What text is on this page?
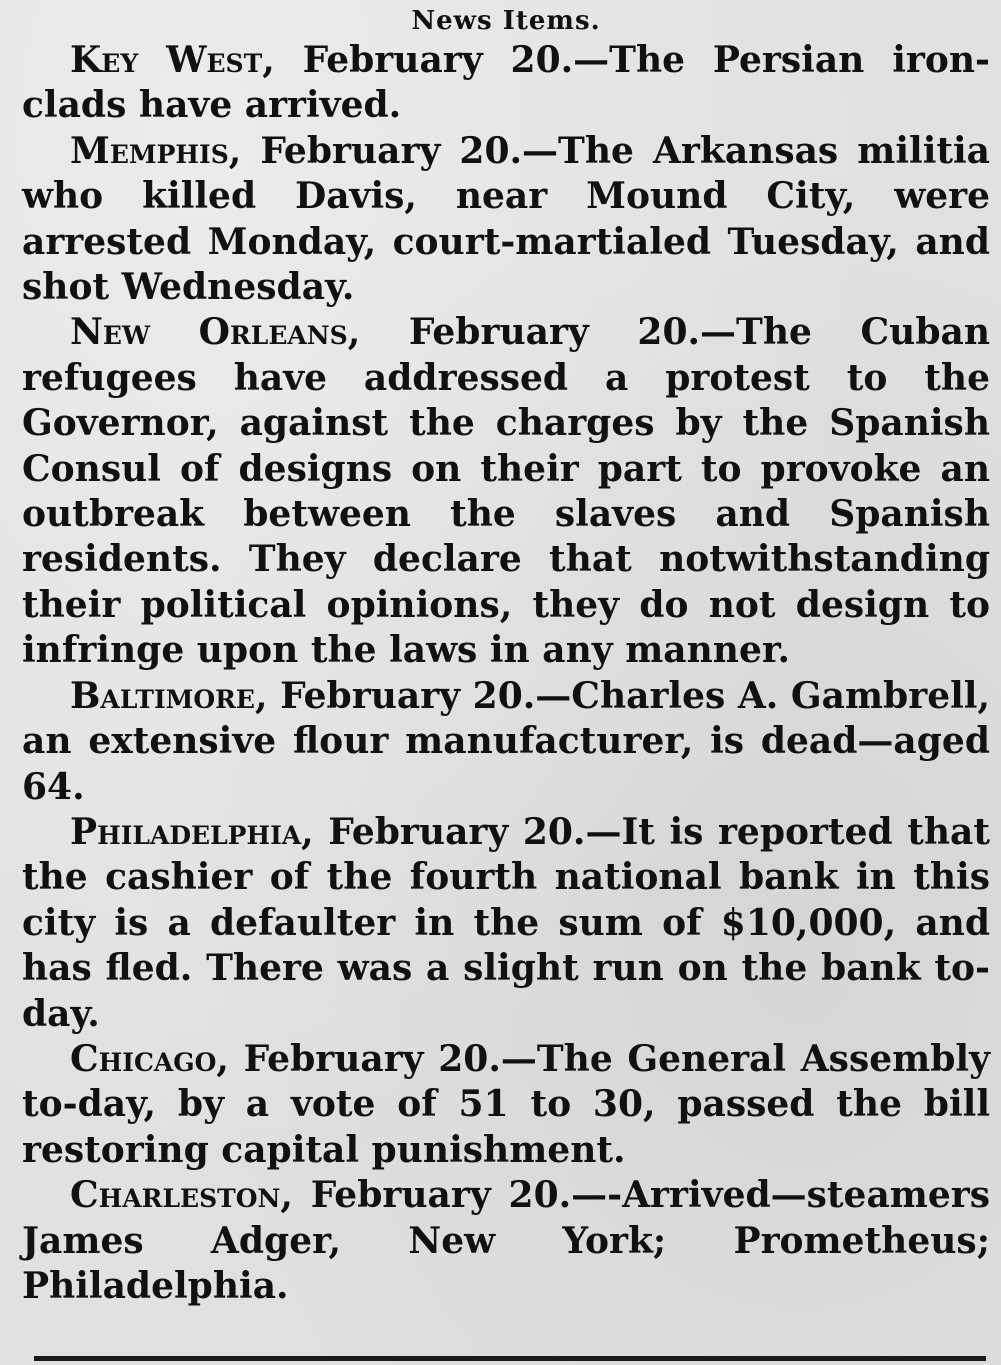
News Items.

Key West, February 20.—The Persian iron-clads have arrived.

Memphis, February 20.—The Arkansas militia who killed Davis, near Mound City, were arrested Monday, court-martialed Tuesday, and shot Wednesday.

New Orleans, February 20.—The Cuban refugees have addressed a protest to the Governor, against the charges by the Spanish Consul of designs on their part to provoke an outbreak between the slaves and Spanish residents. They declare that notwithstanding their political opinions, they do not design to infringe upon the laws in any manner.

Baltimore, February 20.—Charles A. Gambrell, an extensive flour manufacturer, is dead—aged 64.

Philadelphia, February 20.—It is reported that the cashier of the fourth national bank in this city is a defaulter in the sum of $10,000, and has fled. There was a slight run on the bank to-day.

Chicago, February 20.—The General Assembly to-day, by a vote of 51 to 30, passed the bill restoring capital punishment.

Charleston, February 20.—-Arrived—steamers James Adger, New York; Prometheus; Philadelphia.
